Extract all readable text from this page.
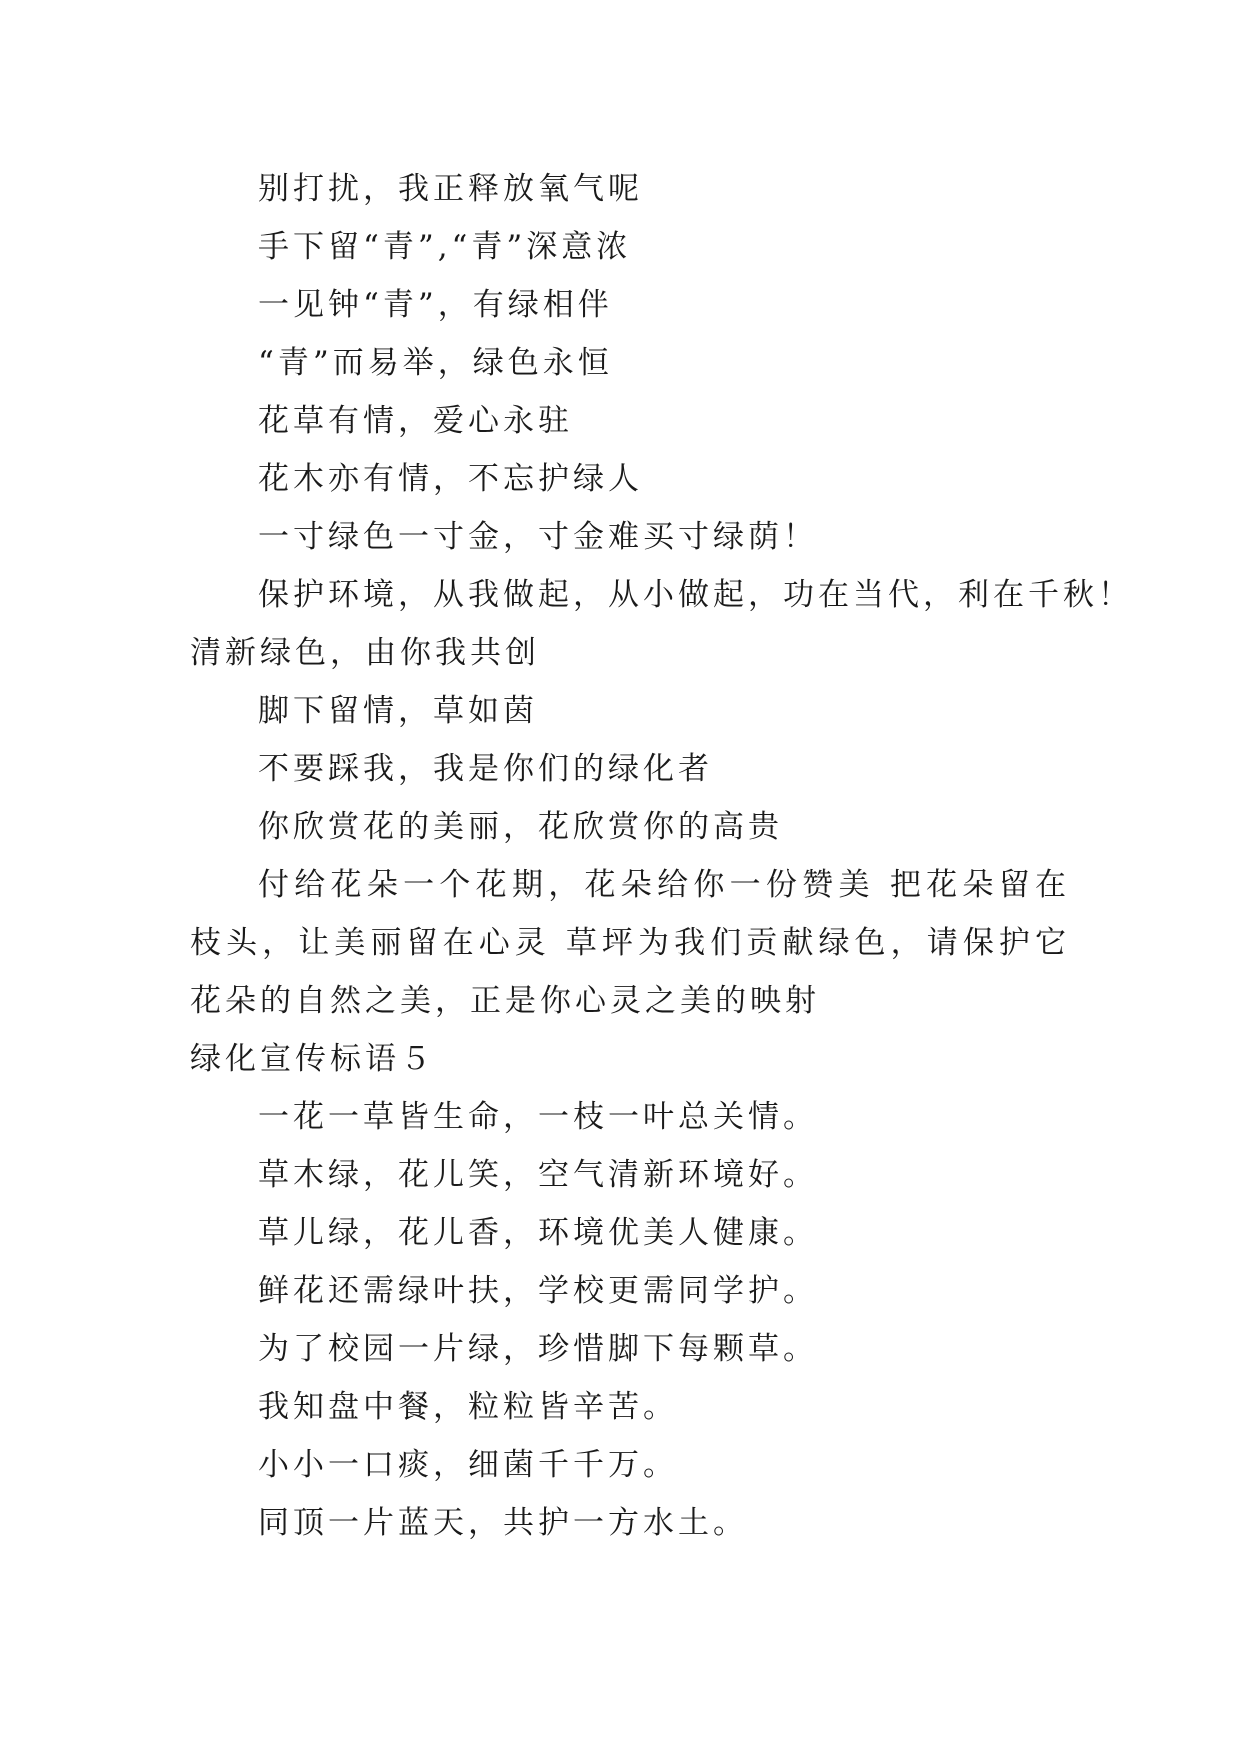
别打扰，我正释放氧气呢
手下留“青”,“青”深意浓
一见钟“青”，有绿相伴
“青”而易举，绿色永恒
花草有情，爱心永驻
花木亦有情，不忘护绿人
一寸绿色一寸金，寸金难买寸绿荫！
保护环境，从我做起，从小做起，功在当代，利在千秋！
清新绿色，由你我共创
脚下留情，草如茵
不要踩我，我是你们的绿化者
你欣赏花的美丽，花欣赏你的高贵
付给花朵一个花期，花朵给你一份赞美 把花朵留在枝头，让美丽留在心灵 草坪为我们贡献绿色，请保护它 花朵的自然之美，正是你心灵之美的映射
绿化宣传标语５
一花一草皆生命，一枝一叶总关情。
草木绿，花儿笑，空气清新环境好。
草儿绿，花儿香，环境优美人健康。
鲜花还需绿叶扶，学校更需同学护。
为了校园一片绿，珍惜脚下每颗草。
我知盘中餐，粒粒皆辛苦。
小小一口痰，细菌千千万。
同顶一片蓝天，共护一方水土。
